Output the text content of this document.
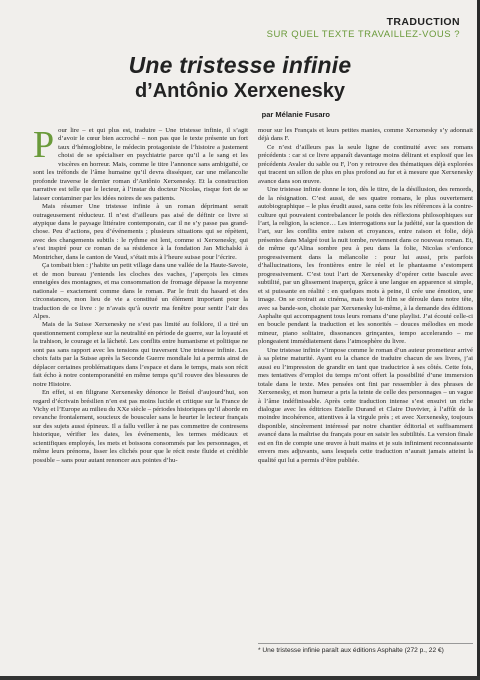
TRADUCTION
SUR QUEL TEXTE TRAVAILLEZ-VOUS ?
Une tristesse infinie
d’Antônio Xerxenesky
par Mélanie Fusaro

Pour lire – et qui plus est, traduire – Une tristesse infinie, il s’agit d’avoir le cœur bien accroché – non pas que le texte présente un fort taux d’hémoglobine, le médecin protagoniste de l’histoire a justement choisi de se spécialiser en psychiatrie parce qu’il a le sang et les viscères en horreur. Mais, comme le titre l’annonce sans ambiguïté, ce sont les tréfonds de l’âme humaine qu’il devra disséquer, car une mélancolie profonde traverse le dernier roman d’Antônio Xerxenesky. Et la construction narrative est telle que le lecteur, à l’instar du docteur Nicolas, risque fort de se laisser contaminer par les idées noires de ses patients.

Mais résumer Une tristesse infinie à un roman déprimant serait outrageusement réducteur. Il n’est d’ailleurs pas aisé de définir ce livre si atypique dans le paysage littéraire contemporain, car il ne s’y passe pas grand-chose. Peu d’actions, peu d’événements ; plusieurs situations qui se répètent, avec des changements subtils : le rythme est lent, comme si Xerxenesky, qui s’est inspiré pour ce roman de sa résidence à la fondation Jan Michalski à Montricher, dans le canton de Vaud, s’était mis à l’heure suisse pour l’écrire.

Ça tombait bien : j’habite un petit village dans une vallée de la Haute-Savoie, et de mon bureau j’entends les cloches des vaches, j’aperçois les cimes enneigées des montagnes, et ma consommation de fromage dépasse la moyenne nationale – exactement comme dans le roman. Par le fruit du hasard et des circonstances, mon lieu de vie a constitué un élément important pour la traduction de ce livre : je n’avais qu’à ouvrir ma fenêtre pour sentir l’air des Alpes.

Mais de la Suisse Xerxenesky ne s’est pas limité au folklore, il a tiré un questionnement complexe sur la neutralité en période de guerre, sur la loyauté et la trahison, le courage et la lâcheté. Les conflits entre humanisme et politique ne sont pas sans rapport avec les tensions qui traversent Une tristesse infinie. Les choix faits par la Suisse après la Seconde Guerre mondiale lui a permis ainsi de déplacer certaines problématiques dans l’espace et dans le temps, mais son récit fait écho à notre contemporanéité en même temps qu’il rouvre des blessures de notre Histoire.

En effet, si en filigrane Xerxenesky dénonce le Brésil d’aujourd’hui, son regard d’écrivain brésilien n’en est pas moins lucide et critique sur la France de Vichy et l’Europe au milieu du XXe siècle – périodes historiques qu’il aborde en revanche frontalement, soucieux de bousculer sans le heurter le lecteur français sur des sujets aussi épineux. Il a fallu veiller à ne pas commettre de contresens historique, vérifier les dates, les événements, les termes médicaux et scientifiques employés, les mets et boissons consommés par les personnages, et même leurs prénoms, lisser les clichés pour que le récit reste fluide et crédible possible – sans pour autant renoncer aux pointes d’hu-

mour sur les Français et leurs petites manies, comme Xerxenesky s’y adonnait déjà dans F.

Ce n’est d’ailleurs pas la seule ligne de continuité avec ses romans précédents : car si ce livre apparaît davantage moins délirant et explosif que les précédents Avaler du sable ou F, l’on y retrouve des thématiques déjà explorées qui tracent un sillon de plus en plus profond au fur et à mesure que Xerxenesky avance dans son œuvre.

Une tristesse infinie donne le ton, dès le titre, de la désillusion, des remords, de la résignation. C’est aussi, de ses quatre romans, le plus ouvertement autobiographique – le plus érudit aussi, sans cette fois les références à la contre-culture qui pouvaient contrebalancer le poids des réflexions philosophiques sur l’art, la religion, la science… Les interrogations sur la judéité, sur la question de l’art, sur les conflits entre raison et croyances, entre raison et folie, déjà présentes dans Malgré tout la nuit tombe, reviennent dans ce nouveau roman. Et, de même qu’Alina sombre peu à peu dans la folie, Nicolas s’enfonce progressivement dans la mélancolie : pour lui aussi, pris parfois d’hallucinations, les frontières entre le réel et le phantasme s’estompent progressivement. C’est tout l’art de Xerxenesky d’opérer cette bascule avec subtilité, par un glissement inaperçu, grâce à une langue en apparence si simple, et si puissante en réalité : en quelques mots à peine, il crée une émotion, une image. On se croirait au cinéma, mais tout le film se déroule dans notre tête, avec sa bande-son, choisie par Xerxenesky lui-même, à la demande des éditions Asphalte qui accompagnent tous leurs romans d’une playlist. J’ai écouté celle-ci en boucle pendant la traduction et les sonorités – douces mélodies en mode mineur, piano solitaire, dissonances grinçantes, tempo accelerando – me plongeaient immédiatement dans l’atmosphère du livre.

Une tristesse infinie s’impose comme le roman d’un auteur prometteur arrivé à sa pleine maturité. Ayant eu la chance de traduire chacun de ses livres, j’ai aussi eu l’impression de grandir en tant que traductrice à ses côtés. Cette fois, mes tentatives d’emploi du temps m’ont offert la possibilité d’une immersion totale dans le texte. Mes pensées ont fini par ressembler à des phrases de Xerxenesky, et mon humeur a pris la teinte de celle des personnages – un vague à l’âme indéfinissable. Après cette traduction intense s’est ensuivi un riche dialogue avec les éditrices Estelle Durand et Claire Duvivier, à l’affût de la moindre incohérence, attentives à la virgule près ; et avec Xerxenesky, toujours disponible, sincèrement intéressé par notre chantier éditorial et suffisamment avancé dans la maîtrise du français pour en saisir les subtilités. La version finale est en fin de compte une œuvre à huit mains et je suis infiniment reconnaissante envers mes adjuvants, sans lesquels cette traduction n’aurait jamais atteint la qualité qui lui a permis d’être publiée.

* Une tristesse infinie paraît aux éditions Asphalte (272 p., 22 €)
